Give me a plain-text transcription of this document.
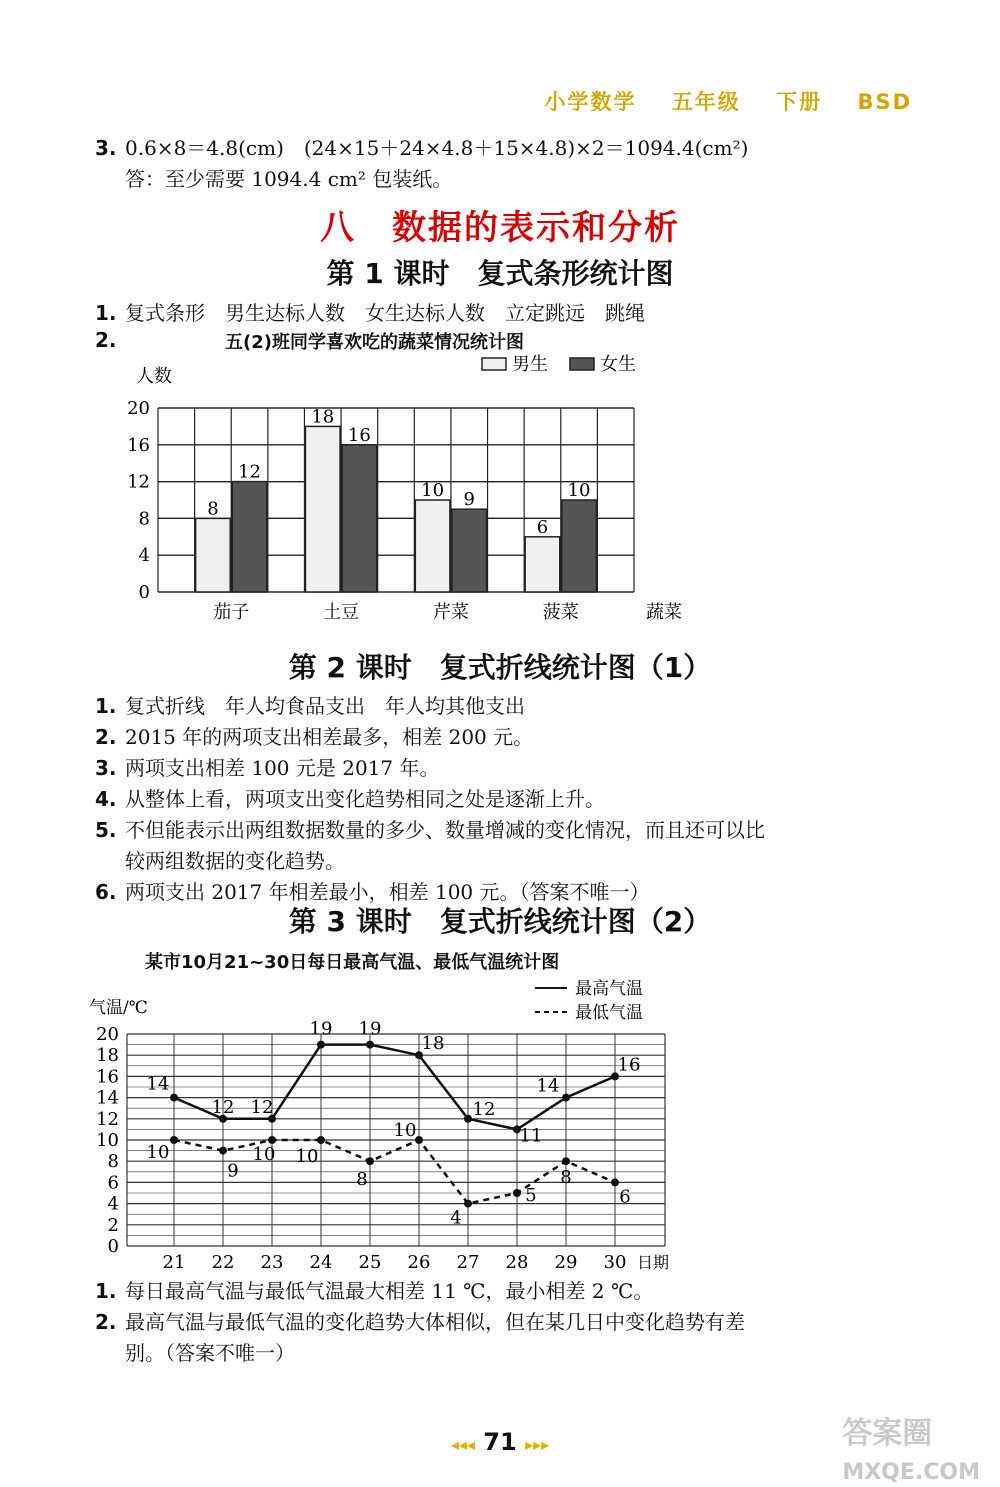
小学数学 五年级 下册 BSD
3. 0.6×8＝4.8(cm)　(24×15＋24×4.8＋15×4.8)×2＝1094.4(cm²)
答：至少需要 1094.4 cm² 包装纸。
八　数据的表示和分析
第 1 课时　复式条形统计图
1. 复式条形　男生达标人数　女生达标人数　立定跳远　跳绳
2.	五(2)班同学喜欢吃的蔬菜情况统计图
0
4
8
12
16
20
人数
8
12
茄子
18
16
土豆
10 9
芹菜
6
10
菠菜	蔬菜
男生	女生
第 2 课时　复式折线统计图（1）
1. 复式折线　年人均食品支出　年人均其他支出
2. 2015 年的两项支出相差最多，相差 200 元。
3. 两项支出相差 100 元是 2017 年。
4. 从整体上看，两项支出变化趋势相同之处是逐渐上升。
5. 不但能表示出两组数据数量的多少、数量增减的变化情况，而且还可以比
较两组数据的变化趋势。
6. 两项支出 2017 年相差最小，相差 100 元。（答案不唯一）
第 3 课时　复式折线统计图（2）
某市10月21~30日每日最高气温、最低气温统计图
21 22 23 24 25 26 27 28 29 30 日期
0
2
4
6
8
10
12
14
16
18
20
气温/℃
14
12 12
19 19
18
12
11
14
16
10
9
10 10
8
10
4
5
8
6
最高气温
最低气温
1. 每日最高气温与最低气温最大相差 11 ℃，最小相差 2 ℃。
2. 最高气温与最低气温的变化趋势大体相似，但在某几日中变化趋势有差
别。（答案不唯一）
◂◂◂ 71 ▸▸▸	答案圈
MXQE.COM
